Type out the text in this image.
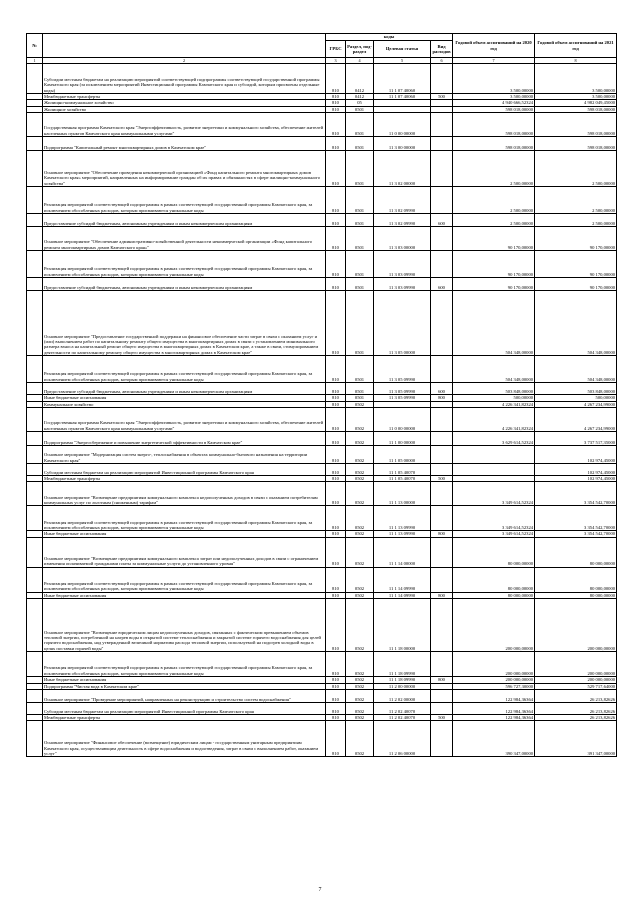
№		коды				Годовой объем ассигнований на 2020 год	Годовой объем ассигнований на 2021 год
		ГРБС	Раздел, под-раздел	Целевая статья	Вид расходов		
1	2	3	4	5	6	7	8
	Субсидии местным бюджетам на реализацию мероприятий соответствующей подпрограммы соответствующей государственной программы Камчатского края (за исключением мероприятий Инвестиционной программы Камчатского края и субсидий, которым присвоены отдельные коды)	810	0412	11 1 07 40060		3 500,00000	3 500,00000
	Межбюджетные трансферты	810	0412	11 1 07 40060	500	3 500,00000	3 500,00000
	Жилищно-коммунальное хозяйство	810	05			4 940 666,52324	4 982 049,45000
	Жилищное хозяйство	810	0501			598 018,00000	598 018,00000
	Государственная программа Камчатского края "Энергоэффективность, развитие энергетики и коммунального хозяйства, обеспечение жителей населенных пунктов Камчатского края коммунальными услугами"	810	0501	11 0 00 00000		598 018,00000	598 018,00000
	Подпрограмма "Капитальный ремонт многоквартирных домов в Камчатском крае"	810	0501	11 3 00 00000		598 018,00000	598 018,00000
	Основное мероприятие "Обеспечение проведения некоммерческой организацией «Фонд капитального ремонта многоквартирных домов Камчатского края» мероприятий, направленных на информирование граждан об их правах и обязанностях в сфере жилищно-коммунального хозяйства"	810	0501	11 3 02 00000		2 500,00000	2 500,00000
	Реализация мероприятий соответствующей подпрограммы в рамках соответствующей государственной программы Камчатского края, за исключением обособленных расходов, которым присваиваются уникальные коды	810	0501	11 3 02 09990		2 500,00000	2 500,00000
	Предоставление субсидий бюджетным, автономным учреждениям и иным некоммерческим организациям	810	0501	11 3 02 09990	600	2 500,00000	2 500,00000
	Основное мероприятие "Обеспечение административно-хозяйственной деятельности некоммерческой организации «Фонд капитального ремонта многоквартирных домов Камчатского края»"	810	0501	11 3 03 00000		90 170,00000	90 170,00000
	Реализация мероприятий соответствующей подпрограммы в рамках соответствующей государственной программы Камчатского края, за исключением обособленных расходов, которым присваиваются уникальные коды	810	0501	11 3 03 09990		90 170,00000	90 170,00000
	Предоставление субсидий бюджетным, автономным учреждениям и иным некоммерческим организациям	810	0501	11 3 03 09990	600	90 170,00000	90 170,00000
	Основное мероприятие "Предоставление государственной поддержки на финансовое обеспечение части затрат в связи с оказанием услуг и (или) выполнением работ по капитальному ремонту общего имущества в многоквартирных домах в связи с установлением минимального размера взноса на капитальный ремонт общего имущества в многоквартирных домах в Камчатском крае, а также в связи, стимулированием деятельности по капитальному ремонту общего имущества в многоквартирных домах в Камчатском крае"	810	0501	11 3 05 00000		504 348,00000	504 348,00000
	Реализация мероприятий соответствующей подпрограммы в рамках соответствующей государственной программы Камчатского края, за исключением обособленных расходов, которым присваиваются уникальные коды	810	0501	11 3 05 09990		504 348,00000	504 348,00000
	Предоставление субсидий бюджетным, автономным учреждениям и иным некоммерческим организациям	810	0501	11 3 05 09990	600	503 848,00000	503 848,00000
	Иные бюджетные ассигнования	810	0501	11 3 05 09990	800	500,00000	500,00000
	Коммунальное хозяйство	810	0502			4 226 341,82324	4 267 234,99000
	Государственная программа Камчатского края "Энергоэффективность, развитие энергетики и коммунального хозяйства, обеспечение жителей населенных пунктов Камчатского края коммунальными услугами"	810	0502	11 0 00 00000		4 226 341,82324	4 267 234,99000
	Подпрограмма "Энергосбережение и повышение энергетической эффективности в Камчатском крае"	810	0502	11 1 00 00000		3 629 614,52324	3 737 517,35000
	Основное мероприятие "Модернизация систем энерго-, теплоснабжения в объектах коммунально-бытового назначения на территории Камчатского края"	810	0502	11 1 05 00000			102 974,45000
	Субсидии местным бюджетам на реализацию мероприятий Инвестиционной программы Камчатского края	810	0502	11 1 05 40070			102 974,45000
	Межбюджетные трансферты	810	0502	11 1 05 40070	500		102 974,45000
	Основное мероприятие "Возмещение предприятиям коммунального комплекса недополученных доходов в связи с оказанием потребителям коммунальных услуг по льготным (сниженным) тарифам"	810	0502	11 1 13 00000		3 349 614,52324	3 354 542,70000
	Реализация мероприятий соответствующей подпрограммы в рамках соответствующей государственной программы Камчатского края, за исключением обособленных расходов, которым присваиваются уникальные коды	810	0502	11 1 13 09990		3 349 614,52324	3 354 542,70000
	Иные бюджетные ассигнования	810	0502	11 1 13 09990	800	3 349 614,52324	3 354 542,70000
	Основное мероприятие "Возмещение предприятиям коммунального комплекса затрат или недополученных доходов в связи с ограничением изменения оплачиваемой гражданами платы за коммунальные услуги до установленного уровня"	810	0502	11 1 14 00000		80 000,00000	80 000,00000
	Реализация мероприятий соответствующей подпрограммы в рамках соответствующей государственной программы Камчатского края, за исключением обособленных расходов, которым присваиваются уникальные коды	810	0502	11 1 14 09990		80 000,00000	80 000,00000
	Иные бюджетные ассигнования	810	0502	11 1 14 09990	800	80 000,00000	80 000,00000
	Основное мероприятие "Возмещение юридическим лицам недополученных доходов, связанных с фактическим превышением объемов тепловой энергии, потребленной на нагрев воды в открытой системе теплоснабжения и закрытой системе горячего водоснабжения для целей горячего водоснабжения, над утвержденной величиной норматива расхода тепловой энергии, используемой на подогрев холодной воды в целях поставки горячей воды"	810	0502	11 1 18 00000		200 000,00000	200 000,00000
	Реализация мероприятий соответствующей подпрограммы в рамках соответствующей государственной программы Камчатского края, за исключением обособленных расходов, которым присваиваются уникальные коды	810	0502	11 1 18 09990		200 000,00000	200 000,00000
	Иные бюджетные ассигнования	810	0502	11 1 18 09990	800	200 000,00000	200 000,00000
	Подпрограмма "Чистая вода в Камчатском крае"	810	0502	11 2 00 00000		596 727,30000	529 717,64000
	Основное мероприятие "Проведение мероприятий, направленных на реконструкцию и строительство систем водоснабжения"	810	0502	11 2 02 00000		122 984,36364	26 213,82626
	Субсидии местным бюджетам на реализацию мероприятий Инвестиционной программы Камчатского края	810	0502	11 2 02 40070		122 984,36364	26 213,82626
	Межбюджетные трансферты	810	0502	11 2 02 40070	500	122 984,36364	26 213,82626
	Основное мероприятие "Финансовое обеспечение (возмещение) юридическим лицам - государственным унитарным предприятиям Камчатского края, осуществляющим деятельность в сфере водоснабжения и водоотведения, затрат в связи с выполнением работ, оказанием услуг"	810	0502	11 2 06 00000		390 347,00000	391 347,00000
7
